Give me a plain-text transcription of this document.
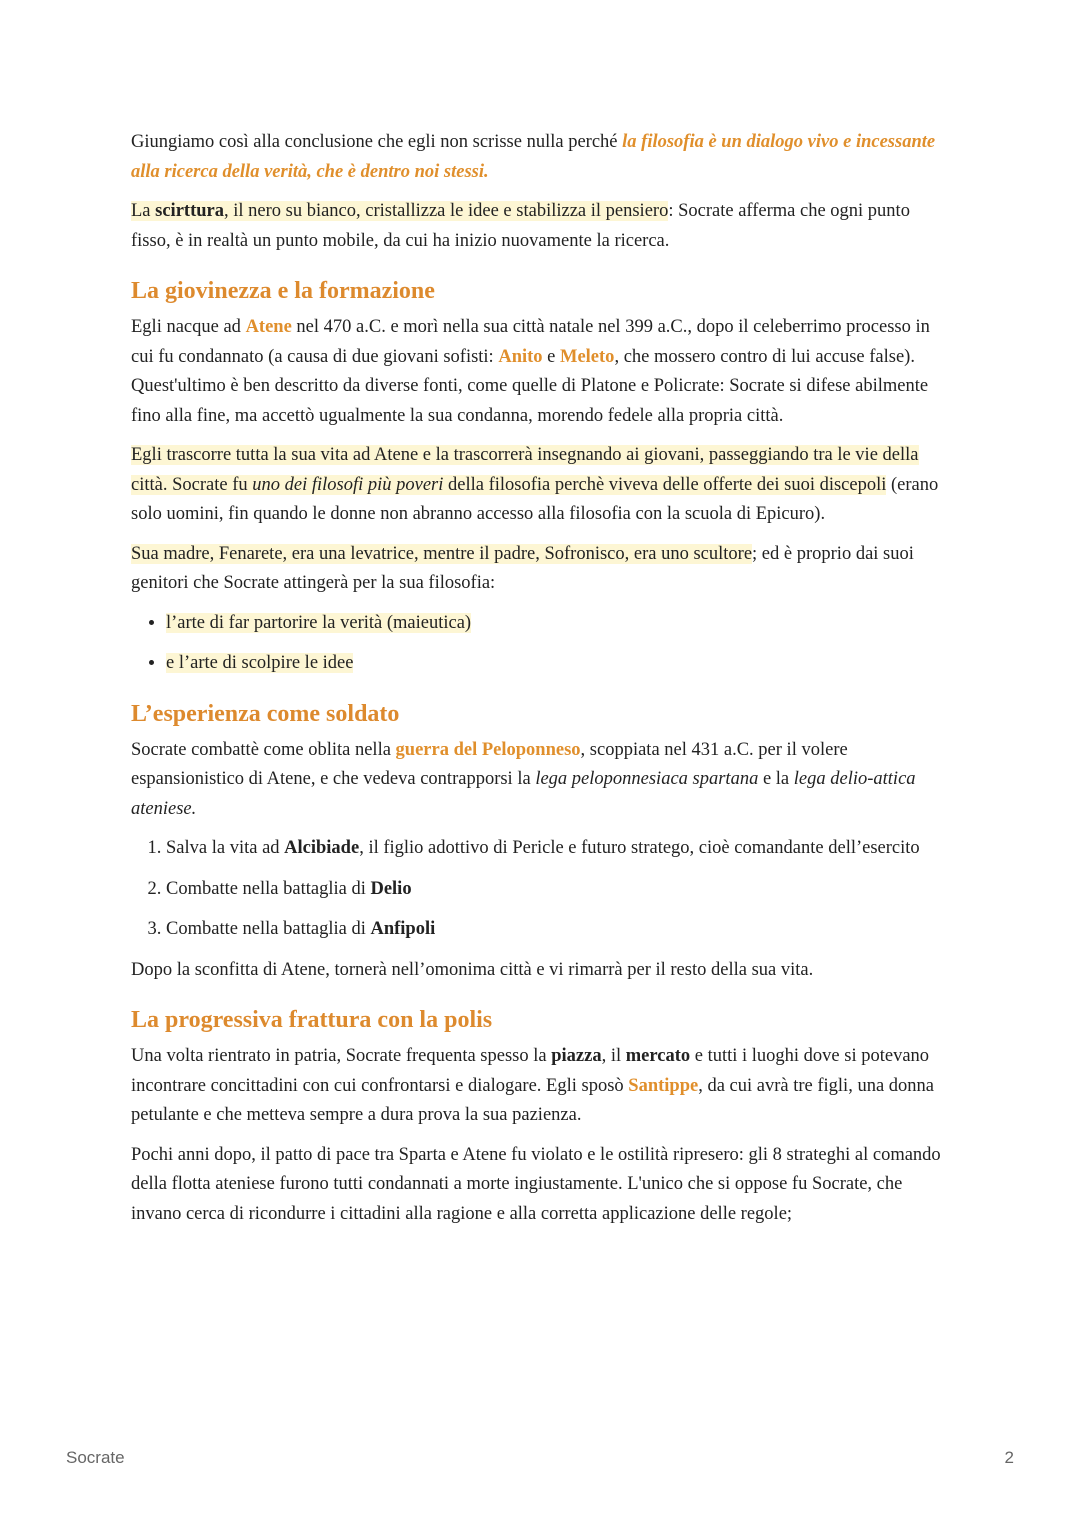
Giungiamo così alla conclusione che egli non scrisse nulla perché la filosofia è un dialogo vivo e incessante alla ricerca della verità, che è dentro noi stessi.

La scirttura, il nero su bianco, cristallizza le idee e stabilizza il pensiero: Socrate afferma che ogni punto fisso, è in realtà un punto mobile, da cui ha inizio nuovamente la ricerca.

La giovinezza e la formazione

Egli nacque ad Atene nel 470 a.C. e morì nella sua città natale nel 399 a.C., dopo il celeberrimo processo in cui fu condannato (a causa di due giovani sofisti: Anito e Meleto, che mossero contro di lui accuse false). Quest'ultimo è ben descritto da diverse fonti, come quelle di Platone e Policrate: Socrate si difese abilmente fino alla fine, ma accettò ugualmente la sua condanna, morendo fedele alla propria città.

Egli trascorre tutta la sua vita ad Atene e la trascorrerà insegnando ai giovani, passeggiando tra le vie della città. Socrate fu uno dei filosofi più poveri della filosofia perchè viveva delle offerte dei suoi discepoli (erano solo uomini, fin quando le donne non abranno accesso alla filosofia con la scuola di Epicuro).

Sua madre, Fenarete, era una levatrice, mentre il padre, Sofronisco, era uno scultore; ed è proprio dai suoi genitori che Socrate attingerà per la sua filosofia:

• l’arte di far partorire la verità (maieutica)
• e l’arte di scolpire le idee
L’esperienza come soldato

Socrate combattè come oblita nella guerra del Peloponneso, scoppiata nel 431 a.C. per il volere espansionistico di Atene, e che vedeva contrapporsi la lega peloponnesiaca spartana e la lega delio-attica ateniese.

1. Salva la vita ad Alcibiade, il figlio adottivo di Pericle e futuro stratego, cioè comandante dell’esercito
2. Combatte nella battaglia di Delio
3. Combatte nella battaglia di Anfipoli

Dopo la sconfitta di Atene, tornerà nell’omonima città e vi rimarrà per il resto della sua vita.

La progressiva frattura con la polis

Una volta rientrato in patria, Socrate frequenta spesso la piazza, il mercato e tutti i luoghi dove si potevano incontrare concittadini con cui confrontarsi e dialogare. Egli sposò Santippe, da cui avrà tre figli, una donna petulante e che metteva sempre a dura prova la sua pazienza.

Pochi anni dopo, il patto di pace tra Sparta e Atene fu violato e le ostilità ripresero: gli 8 strateghi al comando della flotta ateniese furono tutti condannati a morte ingiustamente. L'unico che si oppose fu Socrate, che invano cerca di ricondurre i cittadini alla ragione e alla corretta applicazione delle regole;

Socrate	2
